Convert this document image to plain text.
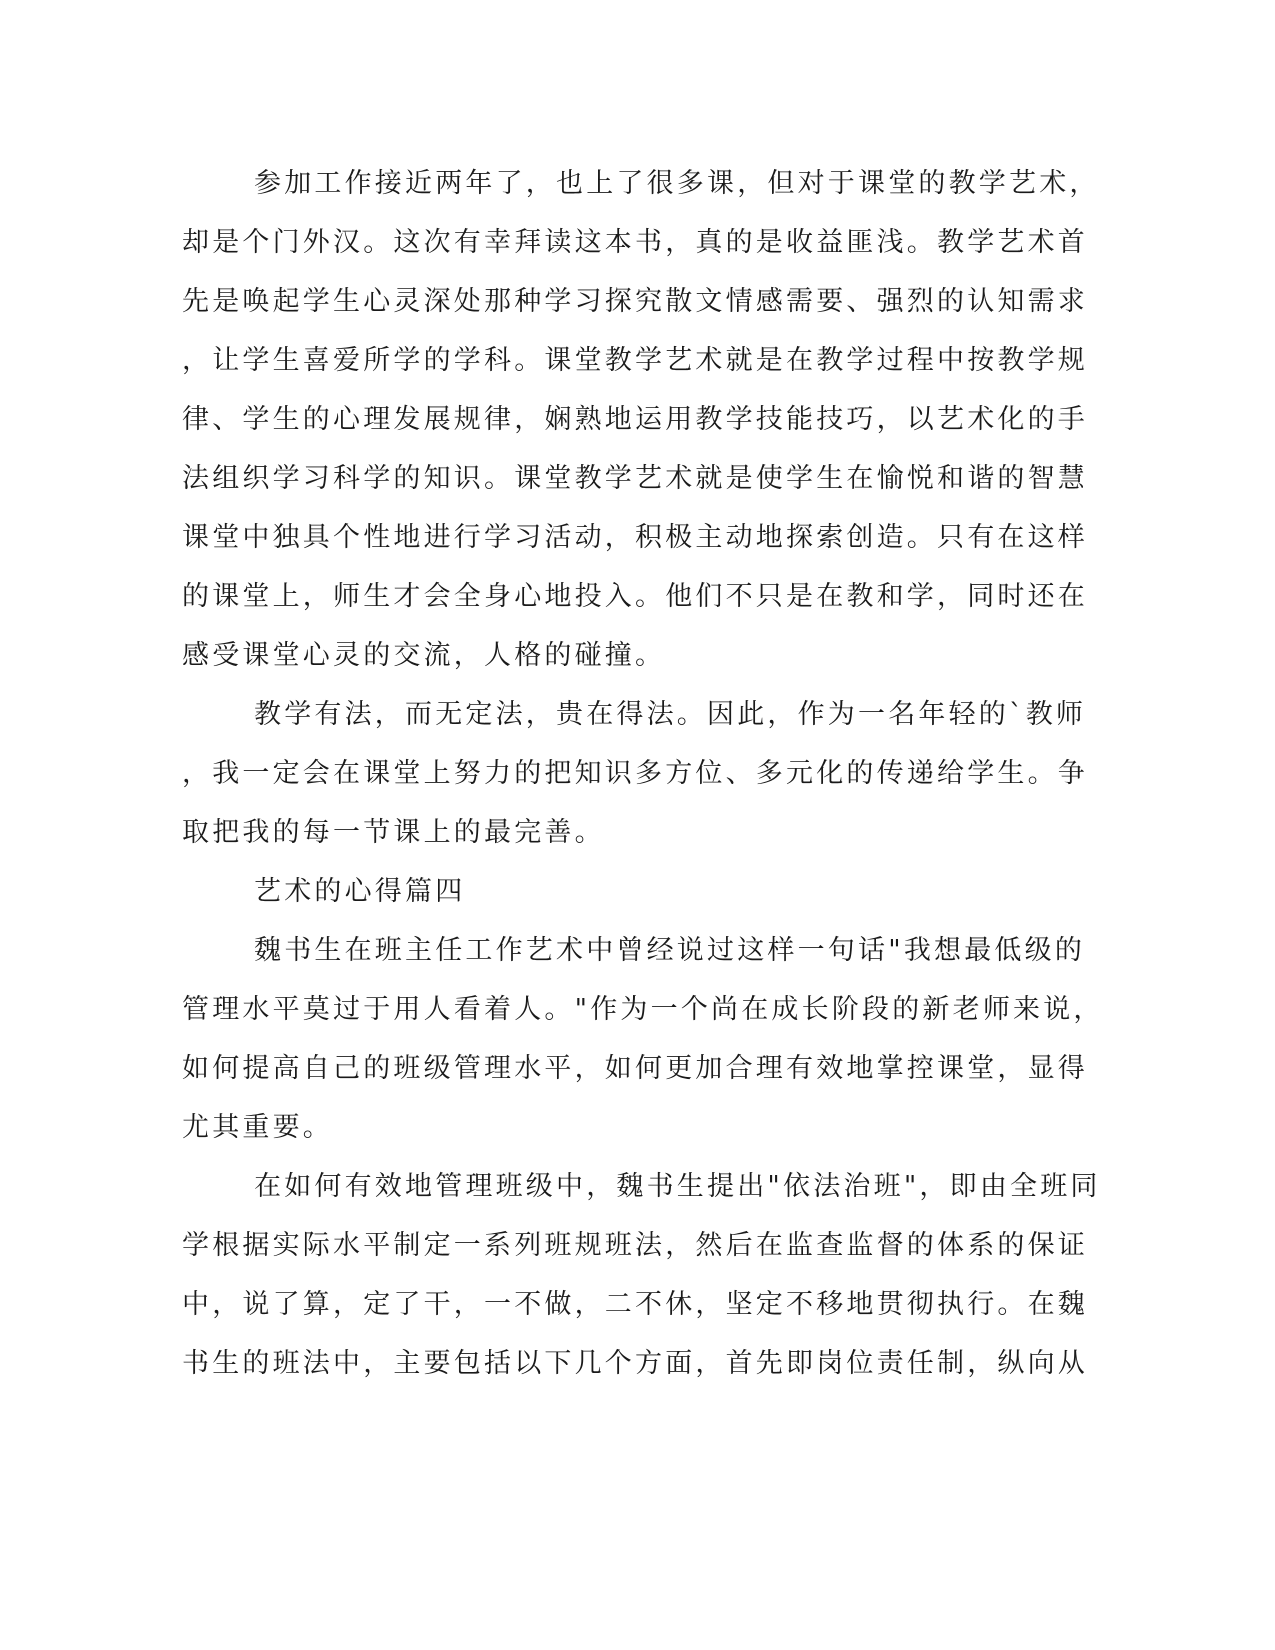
参加工作接近两年了，也上了很多课，但对于课堂的教学艺术，
却是个门外汉。这次有幸拜读这本书，真的是收益匪浅。教学艺术首
先是唤起学生心灵深处那种学习探究散文情感需要、强烈的认知需求
，让学生喜爱所学的学科。课堂教学艺术就是在教学过程中按教学规
律、学生的心理发展规律，娴熟地运用教学技能技巧，以艺术化的手
法组织学习科学的知识。课堂教学艺术就是使学生在愉悦和谐的智慧
课堂中独具个性地进行学习活动，积极主动地探索创造。只有在这样
的课堂上，师生才会全身心地投入。他们不只是在教和学，同时还在
感受课堂心灵的交流，人格的碰撞。
教学有法，而无定法，贵在得法。因此，作为一名年轻的`教师
，我一定会在课堂上努力的把知识多方位、多元化的传递给学生。争
取把我的每一节课上的最完善。
艺术的心得篇四
魏书生在班主任工作艺术中曾经说过这样一句话"我想最低级的
管理水平莫过于用人看着人。"作为一个尚在成长阶段的新老师来说，
如何提高自己的班级管理水平，如何更加合理有效地掌控课堂，显得
尤其重要。
在如何有效地管理班级中，魏书生提出"依法治班"，即由全班同
学根据实际水平制定一系列班规班法，然后在监查监督的体系的保证
中，说了算，定了干，一不做，二不休，坚定不移地贯彻执行。在魏
书生的班法中，主要包括以下几个方面，首先即岗位责任制，纵向从
